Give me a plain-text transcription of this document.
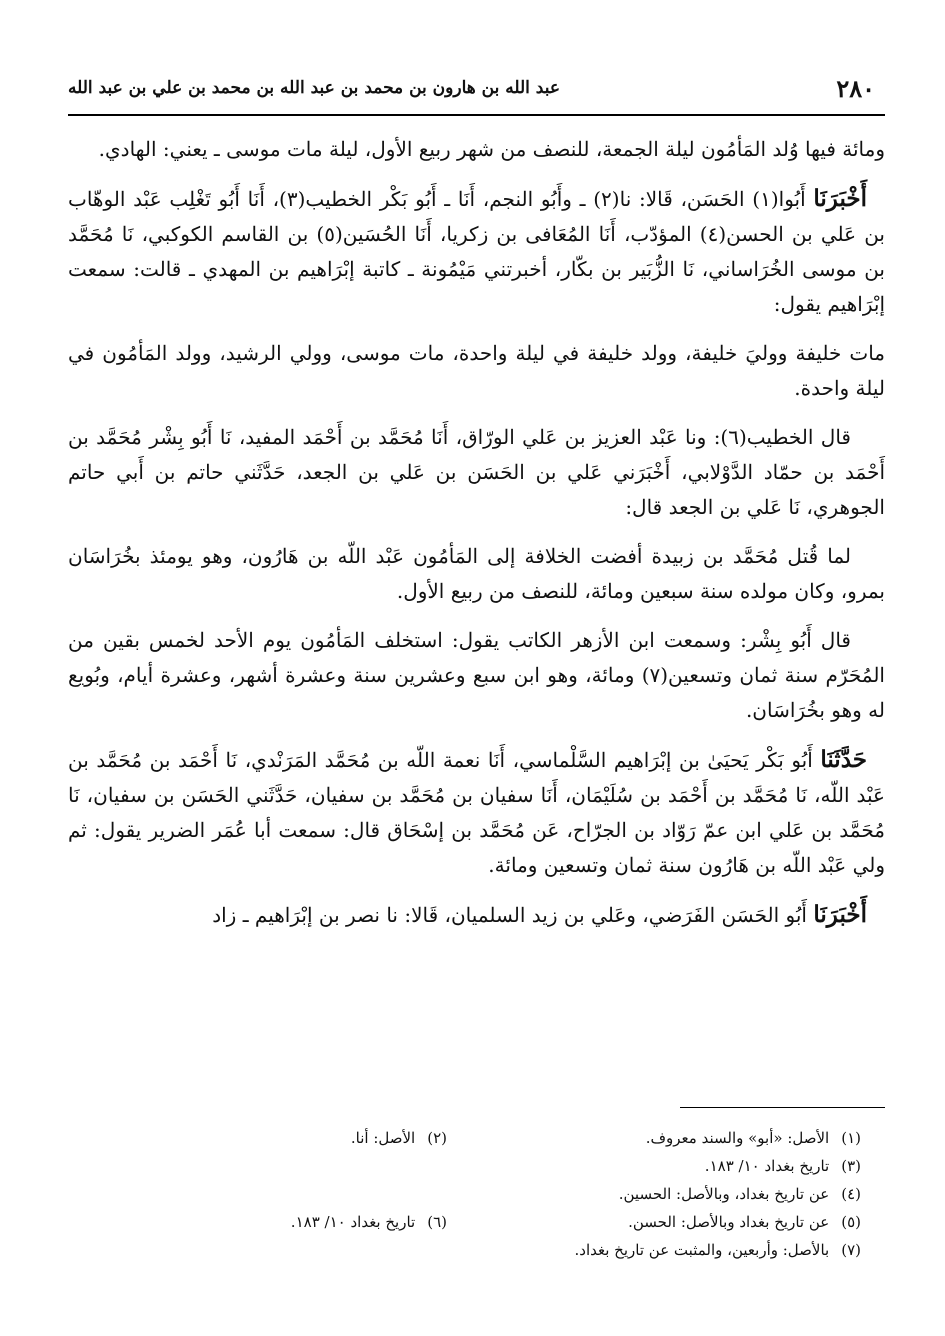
٢٨٠
عبد الله بن هارون بن محمد بن عبد الله بن محمد بن علي بن عبد الله

ومائة فيها وُلد المَأمُون ليلة الجمعة، للنصف من شهر ربيع الأول، ليلة مات موسى ـ يعني: الهادي.

أَخْبَرَنَا أَبُوا(١) الحَسَن، قَالا: نا(٢) ـ وأَبُو النجم، أَنَا ـ أَبُو بَكْر الخطيب(٣)، أَنَا أَبُو تَغْلِب عَبْد الوهّاب بن عَلي بن الحسن(٤) المؤدّب، أَنَا المُعَافى بن زكريا، أَنَا الحُسَين(٥) بن القاسم الكوكبي، نَا مُحَمَّد بن موسى الخُرَاساني، نَا الزُّبَير بن بكّار، أخبرتني مَيْمُونة ـ كاتبة إبْرَاهيم بن المهدي ـ قالت: سمعت إبْرَاهيم يقول:

مات خليفة ووليَ خليفة، وولد خليفة في ليلة واحدة، مات موسى، وولي الرشيد، وولد المَأمُون في ليلة واحدة.

قال الخطيب(٦): ونا عَبْد العزيز بن عَلي الورّاق، أَنَا مُحَمَّد بن أَحْمَد المفيد، نَا أَبُو بِشْر مُحَمَّد بن أَحْمَد بن حمّاد الدَّوْلابي، أَخْبَرَني عَلي بن الحَسَن بن عَلي بن الجعد، حَدَّثَني حاتم بن أَبي حاتم الجوهري، نَا عَلي بن الجعد قال:

لما قُتل مُحَمَّد بن زبيدة أفضت الخلافة إلى المَأمُون عَبْد اللّه بن هَارُون، وهو يومئذ بخُرَاسَان بمرو، وكان مولده سنة سبعين ومائة، للنصف من ربيع الأول.

قال أَبُو بِشْر: وسمعت ابن الأزهر الكاتب يقول: استخلف المَأمُون يوم الأحد لخمس بقين من المُحَرّم سنة ثمان وتسعين(٧) ومائة، وهو ابن سبع وعشرين سنة وعشرة أشهر، وعشرة أيام، وبُويع له وهو بخُرَاسَان.

حَدَّثَنَا أَبُو بَكْر يَحيَىٰ بن إبْرَاهيم السَّلْماسي، أَنَا نعمة اللّه بن مُحَمَّد المَرَنْدي، نَا أَحْمَد بن مُحَمَّد بن عَبْد اللّه، نَا مُحَمَّد بن أَحْمَد بن سُلَيْمَان، أَنَا سفيان بن مُحَمَّد بن سفيان، حَدَّثَني الحَسَن بن سفيان، نَا مُحَمَّد بن عَلي ابن عمّ رَوّاد بن الجرّاح، عَن مُحَمَّد بن إسْحَاق قال: سمعت أبا عُمَر الضرير يقول: ثم ولي عَبْد اللّه بن هَارُون سنة ثمان وتسعين ومائة.

أَخْبَرَنَا أَبُو الحَسَن الفَرَضي، وعَلي بن زيد السلميان، قَالا: نا نصر بن إبْرَاهيم ـ زاد

(١)الأصل: «أبو» والسند معروف.
(٢)الأصل: أنا.
(٣)تاريخ بغداد ١٠/ ١٨٣.
(٤)عن تاريخ بغداد، وبالأصل: الحسين.
(٥)عن تاريخ بغداد وبالأصل: الحسن.
(٦)تاريخ بغداد ١٠/ ١٨٣.
(٧)بالأصل: وأربعين، والمثبت عن تاريخ بغداد.
